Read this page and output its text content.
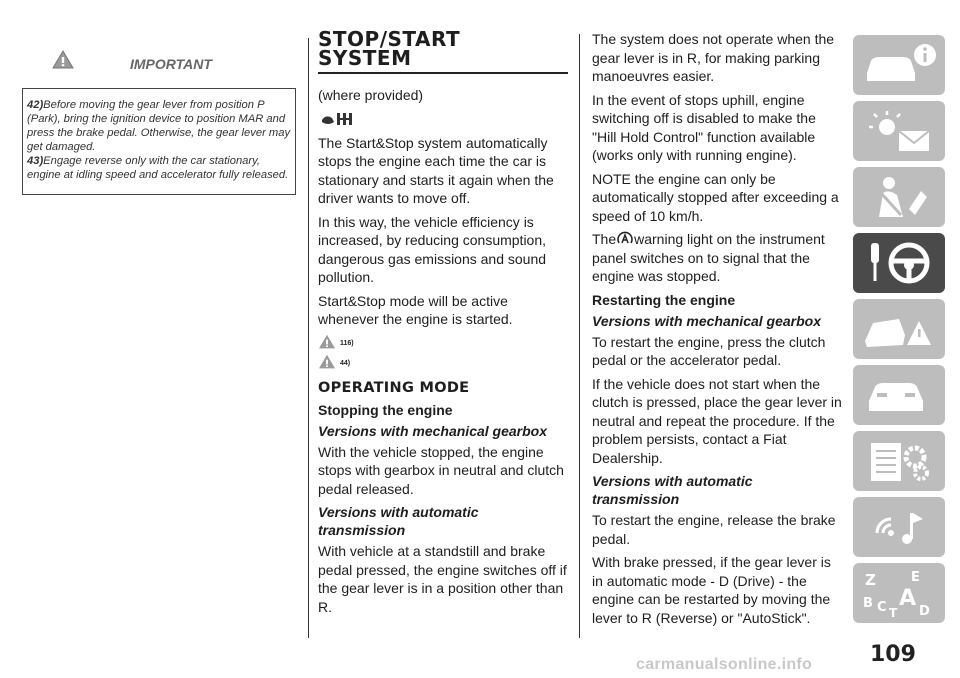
IMPORTANT

42)Before moving the gear lever from position P (Park), bring the ignition device to position MAR and press the brake pedal. Otherwise, the gear lever may get damaged.

43)Engage reverse only with the car stationary, engine at idling speed and accelerator fully released.

STOP/START
SYSTEM

(where provided)

The Start&Stop system automatically stops the engine each time the car is stationary and starts it again when the driver wants to move off.

In this way, the vehicle efficiency is increased, by reducing consumption, dangerous gas emissions and sound pollution.

Start&Stop mode will be active whenever the engine is started.

116)
44)
OPERATING MODE
Stopping the engine
Versions with mechanical gearbox

With the vehicle stopped, the engine stops with gearbox in neutral and clutch pedal released.

Versions with automatic transmission

With vehicle at a standstill and brake pedal pressed, the engine switches off if the gear lever is in a position other than R.

The system does not operate when the gear lever is in R, for making parking manoeuvres easier.

In the event of stops uphill, engine switching off is disabled to make the "Hill Hold Control" function available (works only with running engine).

NOTE the engine can only be automatically stopped after exceeding a speed of 10 km/h.

The warning light on the instrument panel switches on to signal that the engine was stopped.

Restarting the engine
Versions with mechanical gearbox

To restart the engine, press the clutch pedal or the accelerator pedal.

If the vehicle does not start when the clutch is pressed, place the gear lever in neutral and repeat the procedure. If the problem persists, contact a Fiat Dealership.

Versions with automatic transmission

To restart the engine, release the brake pedal.

With brake pressed, if the gear lever is in automatic mode - D (Drive) - the engine can be restarted by moving the lever to R (Reverse) or "AutoStick".

Z	E
B A
C D
T
109
carmanualsonline.info
